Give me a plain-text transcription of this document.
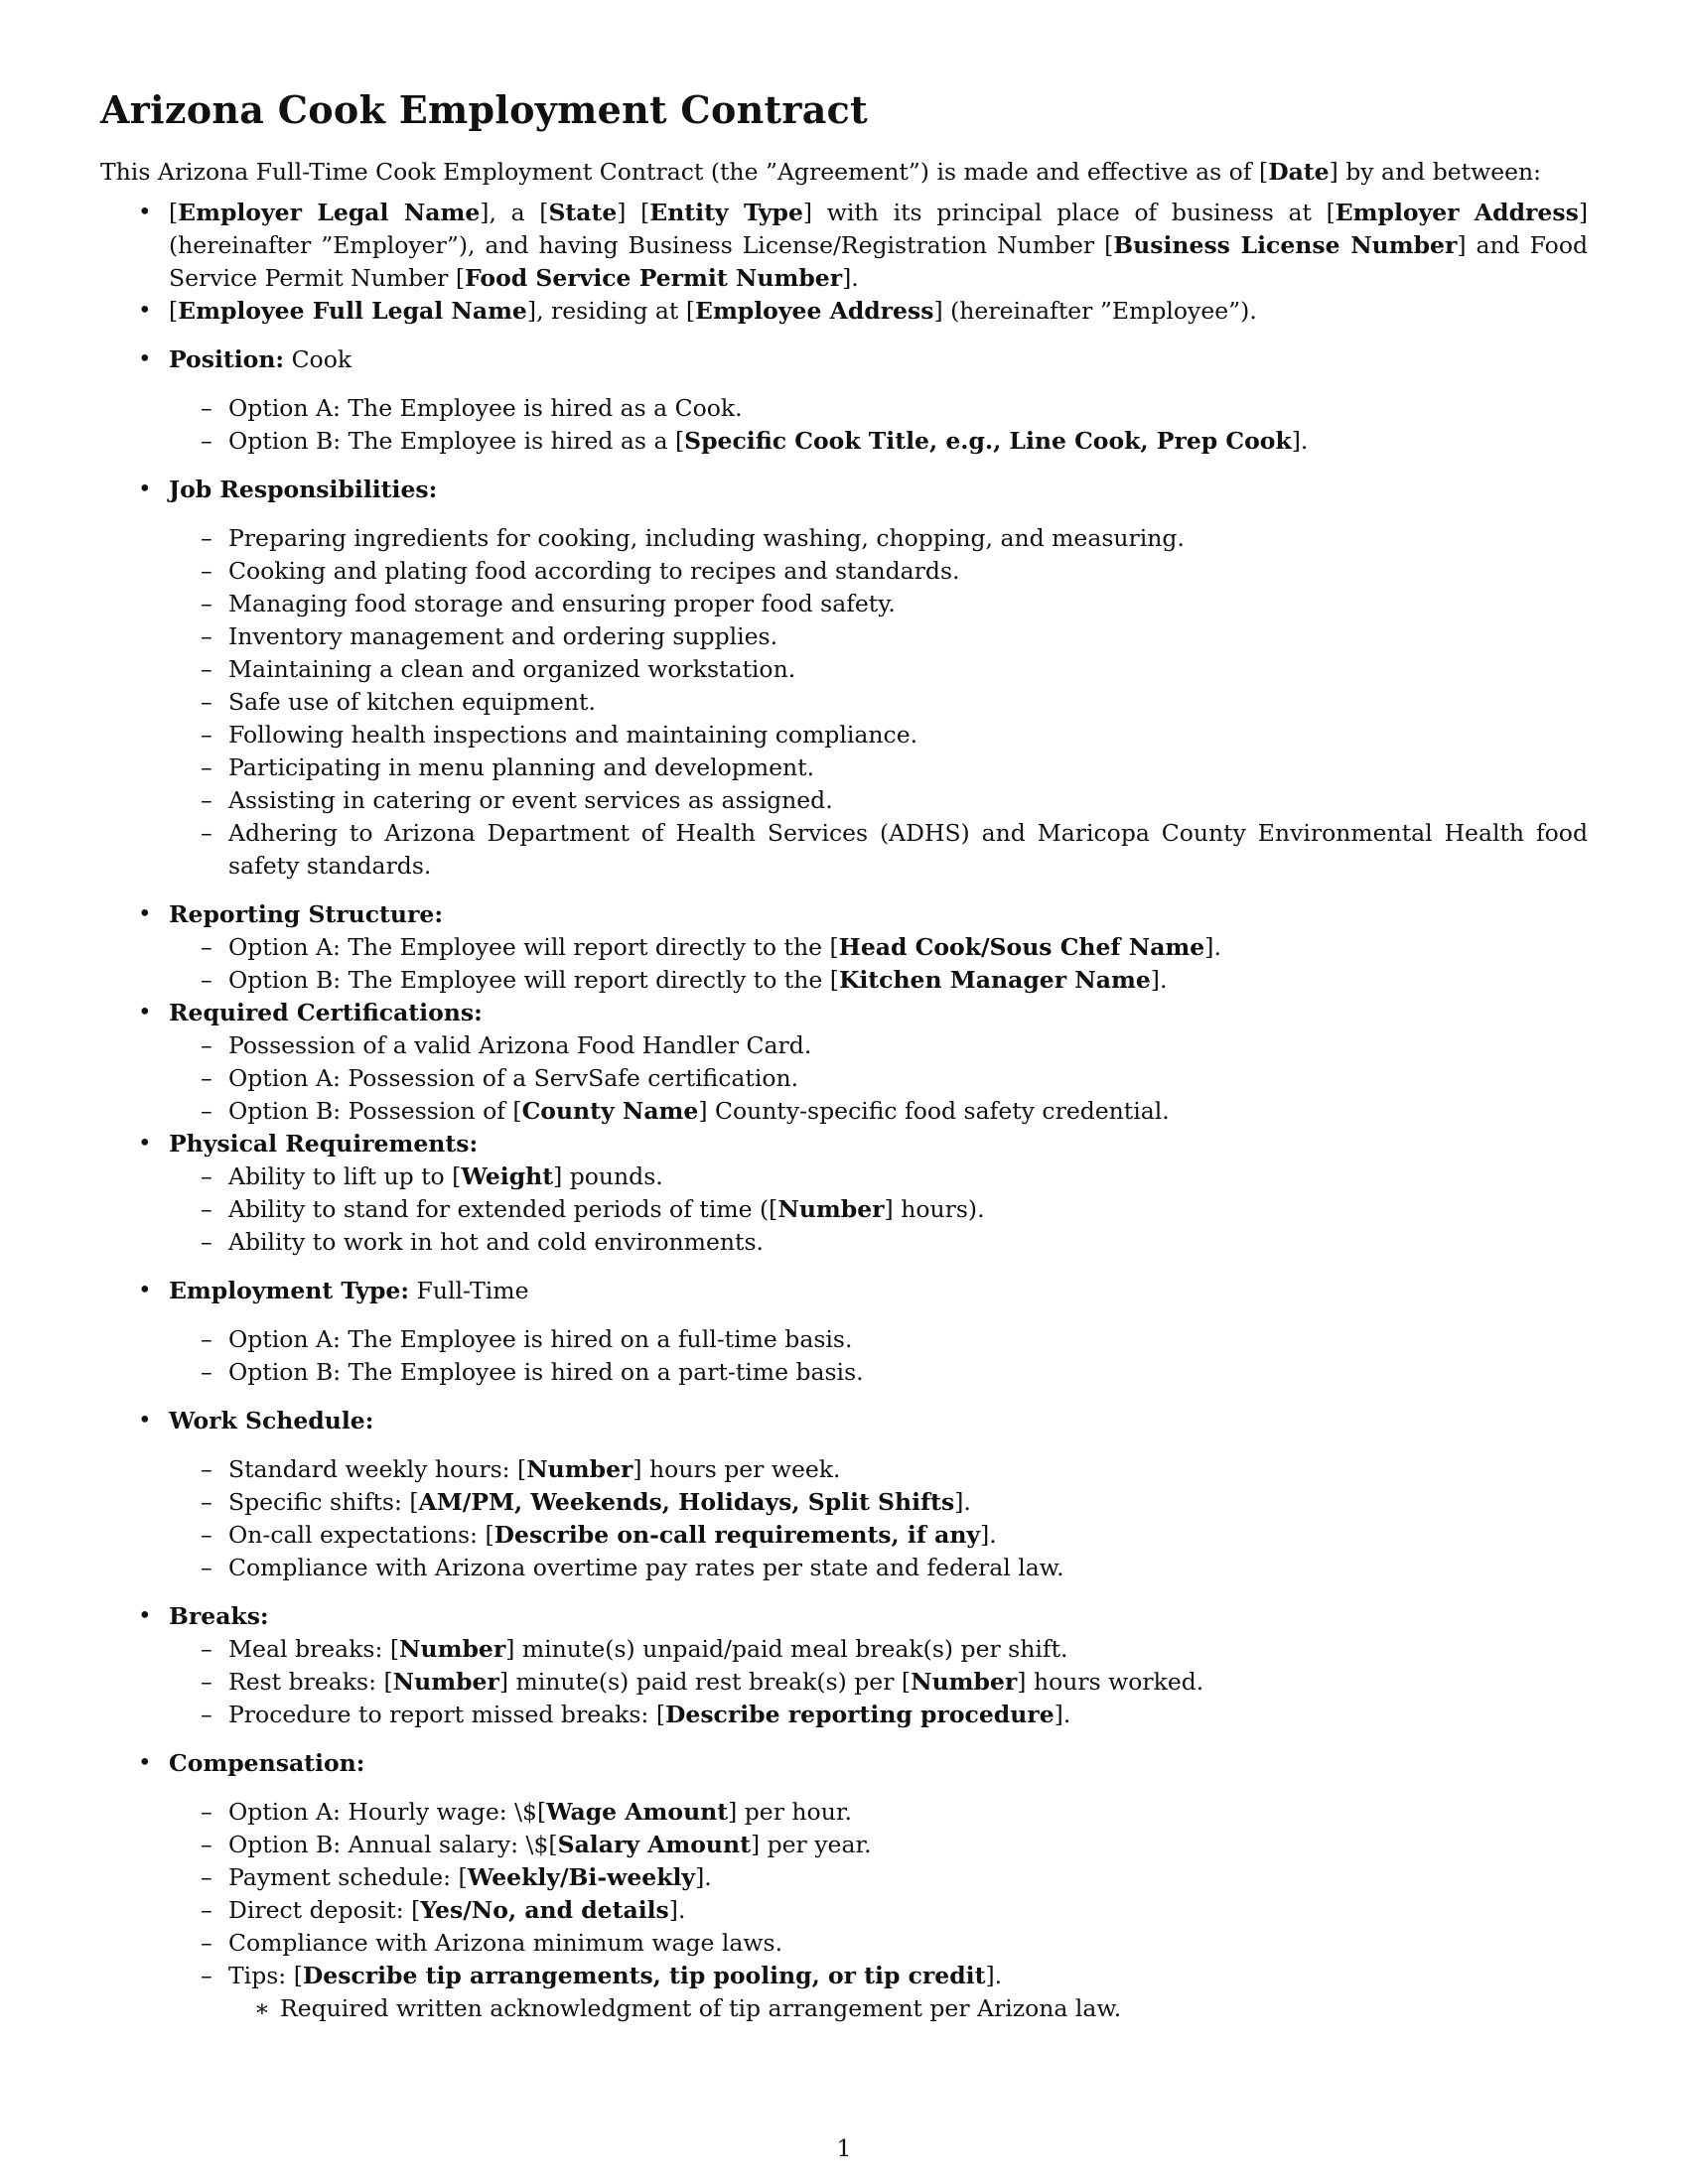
Arizona Cook Employment Contract

This Arizona Full-Time Cook Employment Contract (the ”Agreement”) is made and effective as of [Date] by and between:

• [Employer Legal Name], a [State] [Entity Type] with its principal place of business at [Employer Address] (hereinafter ”Employer”), and having Business License/Registration Number [Business License Number] and Food Service Permit Number [Food Service Permit Number].
• [Employee Full Legal Name], residing at [Employee Address] (hereinafter ”Employee”).
• Position: Cook
– Option A: The Employee is hired as a Cook.
– Option B: The Employee is hired as a [Specific Cook Title, e.g., Line Cook, Prep Cook].
• Job Responsibilities:
– Preparing ingredients for cooking, including washing, chopping, and measuring.
– Cooking and plating food according to recipes and standards.
– Managing food storage and ensuring proper food safety.
– Inventory management and ordering supplies.
– Maintaining a clean and organized workstation.
– Safe use of kitchen equipment.
– Following health inspections and maintaining compliance.
– Participating in menu planning and development.
– Assisting in catering or event services as assigned.
– Adhering to Arizona Department of Health Services (ADHS) and Maricopa County Environmental Health food safety standards.
• Reporting Structure:
– Option A: The Employee will report directly to the [Head Cook/Sous Chef Name].
– Option B: The Employee will report directly to the [Kitchen Manager Name].
• Required Certifications:
– Possession of a valid Arizona Food Handler Card.
– Option A: Possession of a ServSafe certification.
– Option B: Possession of [County Name] County-specific food safety credential.
• Physical Requirements:
– Ability to lift up to [Weight] pounds.
– Ability to stand for extended periods of time ([Number] hours).
– Ability to work in hot and cold environments.
• Employment Type: Full-Time
– Option A: The Employee is hired on a full-time basis.
– Option B: The Employee is hired on a part-time basis.
• Work Schedule:
– Standard weekly hours: [Number] hours per week.
– Specific shifts: [AM/PM, Weekends, Holidays, Split Shifts].
– On-call expectations: [Describe on-call requirements, if any].
– Compliance with Arizona overtime pay rates per state and federal law.
• Breaks:
– Meal breaks: [Number] minute(s) unpaid/paid meal break(s) per shift.
– Rest breaks: [Number] minute(s) paid rest break(s) per [Number] hours worked.
– Procedure to report missed breaks: [Describe reporting procedure].
• Compensation:
– Option A: Hourly wage: \$[Wage Amount] per hour.
– Option B: Annual salary: \$[Salary Amount] per year.
– Payment schedule: [Weekly/Bi-weekly].
– Direct deposit: [Yes/No, and details].
– Compliance with Arizona minimum wage laws.
– Tips: [Describe tip arrangements, tip pooling, or tip credit].
∗ Required written acknowledgment of tip arrangement per Arizona law.
1
